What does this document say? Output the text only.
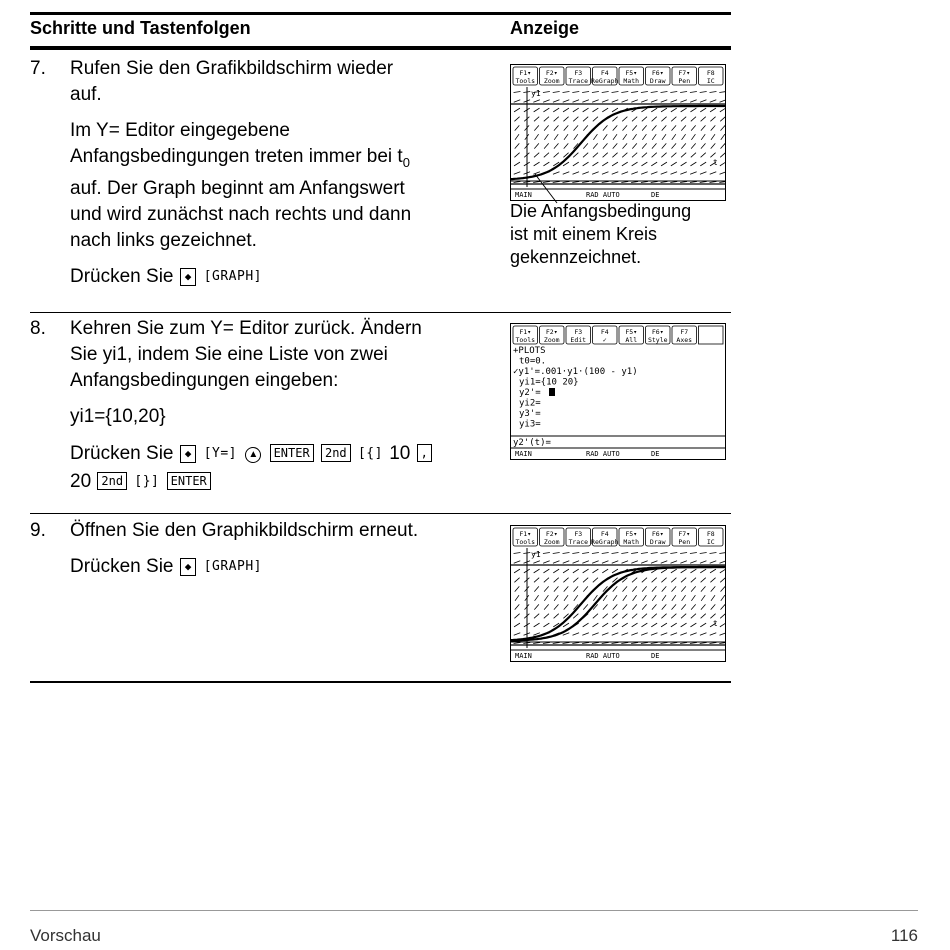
Schritte und Tastenfolgen	Anzeige
7. Rufen Sie den Grafikbildschirm wieder
auf.
Im Y= Editor eingegebene
Anfangsbedingungen treten immer bei $t_0$
auf. Der Graph beginnt am Anfangswert
und wird zunächst nach rechts und dann
nach links gezeichnet.
Drücken Sie ◆ [GRAPH]
F1▾
Tools
F2▾
Zoom
F3
Trace
F4
ReGraph
F5▾
Math
F6▾
Draw
F7▾
Pen
F8
IC
y1
t
MAIN	RAD AUTO	DE
Die Anfangsbedingung
ist mit einem Kreis
gekennzeichnet.
8. Kehren Sie zum Y= Editor zurück. Ändern
Sie yi1, indem Sie eine Liste von zwei
Anfangsbedingungen eingeben:
yi1={10,20}
Drücken Sie ◆ [Y=] ▲ ENTER 2nd [{] 10 ,
20 2nd [}] ENTER
F1▾
Tools
F2▾
Zoom
F3
Edit
F4
✓
F5▾
All
F6▾
Style
F7
Axes
+PLOTS
t0=0.
✓y1'=.001·y1·(100 - y1)
yi1={10 20}
y2'=
yi2=
y3'=
yi3=
y2'(t)=
MAIN	RAD AUTO	DE
9. Öffnen Sie den Graphikbildschirm erneut.
Drücken Sie ◆ [GRAPH]
F1▾
Tools
F2▾
Zoom
F3
Trace
F4
ReGraph
F5▾
Math
F6▾
Draw
F7▾
Pen
F8
IC
y1
t
MAIN	RAD AUTO	DE
Vorschau	116
